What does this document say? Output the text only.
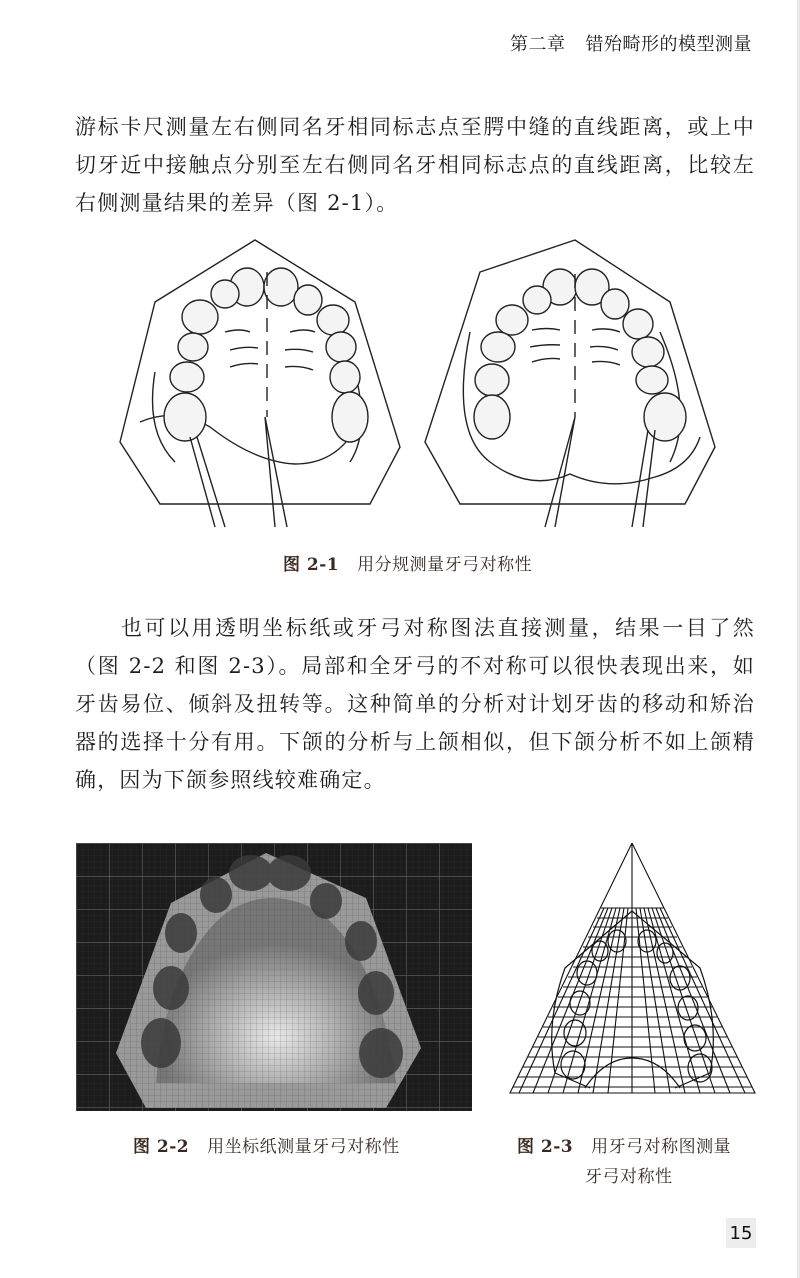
第二章 错殆畸形的模型测量

游标卡尺测量左右侧同名牙相同标志点至腭中缝的直线距离，或上中切牙近中接触点分别至左右侧同名牙相同标志点的直线距离，比较左右侧测量结果的差异（图 2-1）。

图 2-1 用分规测量牙弓对称性

也可以用透明坐标纸或牙弓对称图法直接测量，结果一目了然（图 2-2 和图 2-3）。局部和全牙弓的不对称可以很快表现出来，如牙齿易位、倾斜及扭转等。这种简单的分析对计划牙齿的移动和矫治器的选择十分有用。下颌的分析与上颌相似，但下颌分析不如上颌精确，因为下颌参照线较难确定。

图 2-2 用坐标纸测量牙弓对称性	图 2-3 用牙弓对称图测量
牙弓对称性
15
